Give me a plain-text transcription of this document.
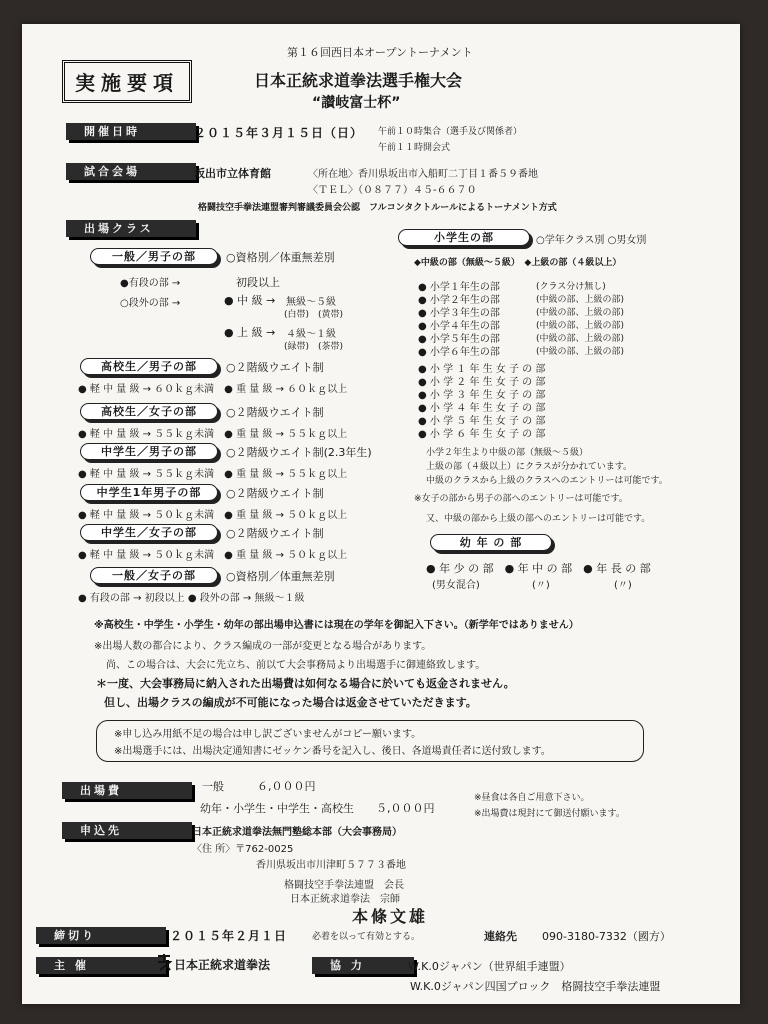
実施要項
第１６回西日本オープントーナメント
日本正統求道拳法選手権大会
“讃岐富士杯”
開催日時	２０１５年３月１５日（日） 午前１０時集合（選手及び関係者）
午前１１時開会式
試合会場	坂出市立体育館	〈所在地〉香川県坂出市入船町二丁目１番５９番地
〈ＴＥＬ〉（０８７７）４５-６６７０
格闘技空手拳法連盟審判審議委員会公認　フルコンタクトルールによるトーナメント方式
出場クラス
一般／男子の部	○資格別／体重無差別
●有段の部 →	初段以上
○段外の部 →	● 中 級 → 無級～５級
(白帯)　(黄帯)
● 上 級 → ４級～１級
(緑帯)　(茶帯)
高校生／男子の部	○２階級ウエイト制
● 軽 中 量 級 → ６０ｋｇ未満　● 重 量 級 → ６０ｋｇ以上
高校生／女子の部	○２階級ウエイト制
● 軽 中 量 級 → ５５ｋｇ未満　● 重 量 級 → ５５ｋｇ以上
中学生／男子の部	○２階級ウエイト制(2.3年生)
● 軽 中 量 級 → ５５ｋｇ未満　● 重 量 級 → ５５ｋｇ以上
中学生1年男子の部	○２階級ウエイト制
● 軽 中 量 級 → ５０ｋｇ未満　● 重 量 級 → ５０ｋｇ以上
中学生／女子の部	○２階級ウエイト制
● 軽 中 量 級 → ５０ｋｇ未満　● 重 量 級 → ５０ｋｇ以上
一般／女子の部	○資格別／体重無差別
● 有段の部 → 初段以上 ● 段外の部 → 無級～１級
小学生の部	○学年クラス別 ○男女別
◆中級の部（無級～５級）　◆上級の部（４級以上）
● 小学１年生の部	(クラス分け無し)
● 小学２年生の部	(中級の部、上級の部)
● 小学３年生の部	(中級の部、上級の部)
● 小学４年生の部	(中級の部、上級の部)
● 小学５年生の部	(中級の部、上級の部)
● 小学６年生の部	(中級の部、上級の部)
● 小 学 １ 年 生 女 子 の 部
● 小 学 ２ 年 生 女 子 の 部
● 小 学 ３ 年 生 女 子 の 部
● 小 学 ４ 年 生 女 子 の 部
● 小 学 ５ 年 生 女 子 の 部
● 小 学 ６ 年 生 女 子 の 部
小学２年生より中級の部（無級～５級）
上級の部（４級以上）にクラスが分かれています。
中級のクラスから上級のクラスへのエントリーは可能です。
※女子の部から男子の部へのエントリーは可能です。
又、中級の部から上級の部へのエントリーは可能です。
幼 年 の 部
● 年 少 の 部　● 年 中 の 部　● 年 長 の 部
(男女混合)	(〃)	(〃)
※高校生・中学生・小学生・幼年の部出場申込書には現在の学年を御記入下さい。（新学年ではありません）
※出場人数の都合により、クラス編成の一部が変更となる場合があります。
尚、この場合は、大会に先立ち、前以て大会事務局より出場選手に御連絡致します。
＊一度、大会事務局に納入された出場費は如何なる場合に於いても返金されません。
但し、出場クラスの編成が不可能になった場合は返金させていただきます。
※申し込み用紙不足の場合は申し訳ございませんがコピー願います。
※出場選手には、出場決定通知書にゼッケン番号を記入し、後日、各道場責任者に送付致します。
出場費	一般　　　６,０００円
幼年・小学生・中学生・高校生　　５,０００円
※昼食は各自ご用意下さい。
※出場費は現封にて御送付願います。
申込先	日本正統求道拳法無門塾総本部（大会事務局）
〈住 所〉〒762-0025
香川県坂出市川津町５７７３番地
格闘技空手拳法連盟　会長
日本正統求道拳法　宗師
本條文雄
締切り	２０１５年２月１日	必着を以って有効とする。	連絡先 090-3180-7332（國方）
主 催	日本正統求道拳法	協 力	W.K.0ジャパン（世界組手連盟）
W.K.0ジャパン四国ブロック　格闘技空手拳法連盟
